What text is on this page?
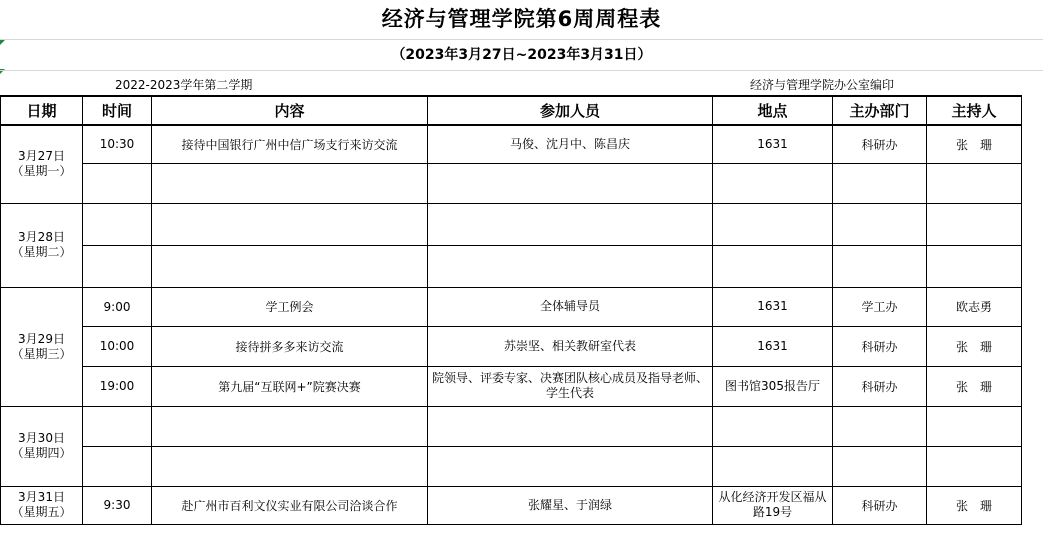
经济与管理学院第6周周程表
（2023年3月27日~2023年3月31日）
2022-2023学年第二学期	经济与管理学院办公室编印
日期	时间	内容	参加人员	地点	主办部门	主持人

3月27日
（星期一）	10:30	接待中国银行广州中信广场支行来访交流	马俊、沈月中、陈昌庆	1631	科研办	张　珊

3月28日
（星期二）						

3月29日
（星期三）	9:00	学工例会	全体辅导员	1631	学工办	欧志勇
	10:00	接待拼多多来访交流	苏崇坚、相关教研室代表	1631	科研办	张　珊
	19:00	第九届“互联网+”院赛决赛	院领导、评委专家、决赛团队核心成员及指导老师、学生代表	图书馆305报告厅	科研办	张　珊

3月30日
（星期四）						

3月31日
（星期五）	9:30	赴广州市百利文仪实业有限公司洽谈合作	张耀星、于润绿	从化经济开发区福从路19号	科研办	张　珊
